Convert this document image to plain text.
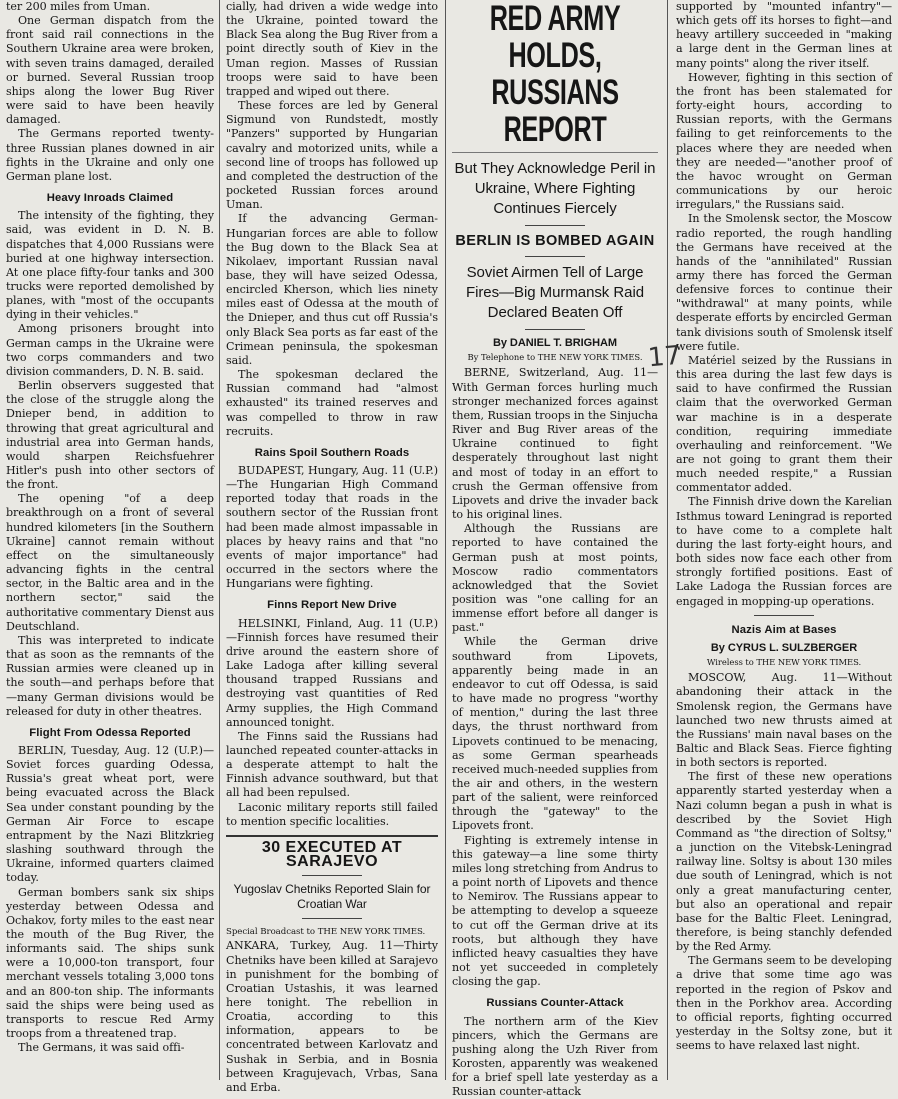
ter 200 miles from Uman.

One German dispatch from the front said rail connections in the Southern Ukraine area were broken, with seven trains damaged, derailed or burned. Several Russian troop ships along the lower Bug River were said to have been heavily damaged.

The Germans reported twenty-three Russian planes downed in air fights in the Ukraine and only one German plane lost.

Heavy Inroads Claimed

The intensity of the fighting, they said, was evident in D. N. B. dispatches that 4,000 Russians were buried at one highway intersection. At one place fifty-four tanks and 300 trucks were reported demolished by planes, with "most of the occupants dying in their vehicles."

Among prisoners brought into German camps in the Ukraine were two corps commanders and two division commanders, D. N. B. said.

Berlin observers suggested that the close of the struggle along the Dnieper bend, in addition to throwing that great agricultural and industrial area into German hands, would sharpen Reichsfuehrer Hitler's push into other sectors of the front.

The opening "of a deep breakthrough on a front of several hundred kilometers [in the Southern Ukraine] cannot remain without effect on the simultaneously advancing fights in the central sector, in the Baltic area and in the northern sector," said the authoritative commentary Dienst aus Deutschland.

This was interpreted to indicate that as soon as the remnants of the Russian armies were cleaned up in the south—and perhaps before that—many German divisions would be released for duty in other theatres.

Flight From Odessa Reported

BERLIN, Tuesday, Aug. 12 (U.P.)—Soviet forces guarding Odessa, Russia's great wheat port, were being evacuated across the Black Sea under constant pounding by the German Air Force to escape entrapment by the Nazi Blitzkrieg slashing southward through the Ukraine, informed quarters claimed today.

German bombers sank six ships yesterday between Odessa and Ochakov, forty miles to the east near the mouth of the Bug River, the informants said. The ships sunk were a 10,000-ton transport, four merchant vessels totaling 3,000 tons and an 800-ton ship. The informants said the ships were being used as transports to rescue Red Army troops from a threatened trap.

The Germans, it was said offi-

cially, had driven a wide wedge into the Ukraine, pointed toward the Black Sea along the Bug River from a point directly south of Kiev in the Uman region. Masses of Russian troops were said to have been trapped and wiped out there.

These forces are led by General Sigmund von Rundstedt, mostly "Panzers" supported by Hungarian cavalry and motorized units, while a second line of troops has followed up and completed the destruction of the pocketed Russian forces around Uman.

If the advancing German-Hungarian forces are able to follow the Bug down to the Black Sea at Nikolaev, important Russian naval base, they will have seized Odessa, encircled Kherson, which lies ninety miles east of Odessa at the mouth of the Dnieper, and thus cut off Russia's only Black Sea ports as far east of the Crimean peninsula, the spokesman said.

The spokesman declared the Russian command had "almost exhausted" its trained reserves and was compelled to throw in raw recruits.

Rains Spoil Southern Roads

BUDAPEST, Hungary, Aug. 11 (U.P.)—The Hungarian High Command reported today that roads in the southern sector of the Russian front had been made almost impassable in places by heavy rains and that "no events of major importance" had occurred in the sectors where the Hungarians were fighting.

Finns Report New Drive

HELSINKI, Finland, Aug. 11 (U.P.)—Finnish forces have resumed their drive around the eastern shore of Lake Ladoga after killing several thousand trapped Russians and destroying vast quantities of Red Army supplies, the High Command announced tonight.

The Finns said the Russians had launched repeated counter-attacks in a desperate attempt to halt the Finnish advance southward, but that all had been repulsed.

Laconic military reports still failed to mention specific localities.

30 EXECUTED AT SARAJEVO
Yugoslav Chetniks Reported Slain for Croatian War
Special Broadcast to THE NEW YORK TIMES.

ANKARA, Turkey, Aug. 11—Thirty Chetniks have been killed at Sarajevo in punishment for the bombing of Croatian Ustashis, it was learned here tonight. The rebellion in Croatia, according to this information, appears to be concentrated between Karlovatz and Sushak in Serbia, and in Bosnia between Kragujevach, Vrbas, Sana and Erba.

RED ARMY HOLDS, RUSSIANS REPORT
But They Acknowledge Peril in Ukraine, Where Fighting Continues Fiercely
BERLIN IS BOMBED AGAIN
Soviet Airmen Tell of Large Fires—Big Murmansk Raid Declared Beaten Off
By DANIEL T. BRIGHAM
By Telephone to THE NEW YORK TIMES.

BERNE, Switzerland, Aug. 11—With German forces hurling much stronger mechanized forces against them, Russian troops in the Sinjucha River and Bug River areas of the Ukraine continued to fight desperately throughout last night and most of today in an effort to crush the German offensive from Lipovets and drive the invader back to his original lines.

Although the Russians are reported to have contained the German push at most points, Moscow radio commentators acknowledged that the Soviet position was "one calling for an immense effort before all danger is past."

While the German drive southward from Lipovets, apparently being made in an endeavor to cut off Odessa, is said to have made no progress "worthy of mention," during the last three days, the thrust northward from Lipovets continued to be menacing, as some German spearheads received much-needed supplies from the air and others, in the western part of the salient, were reinforced through the "gateway" to the Lipovets front.

Fighting is extremely intense in this gateway—a line some thirty miles long stretching from Andrus to a point north of Lipovets and thence to Nemirov. The Russians appear to be attempting to develop a squeeze to cut off the German drive at its roots, but although they have inflicted heavy casualties they have not yet succeeded in completely closing the gap.

Russians Counter-Attack

The northern arm of the Kiev pincers, which the Germans are pushing along the Uzh River from Korosten, apparently was weakened for a brief spell late yesterday as a Russian counter-attack

17

supported by "mounted infantry"—which gets off its horses to fight—and heavy artillery succeeded in "making a large dent in the German lines at many points" along the river itself.

However, fighting in this section of the front has been stalemated for forty-eight hours, according to Russian reports, with the Germans failing to get reinforcements to the places where they are needed when they are needed—"another proof of the havoc wrought on German communications by our heroic irregulars," the Russians said.

In the Smolensk sector, the Moscow radio reported, the rough handling the Germans have received at the hands of the "annihilated" Russian army there has forced the German defensive forces to continue their "withdrawal" at many points, while desperate efforts by encircled German tank divisions south of Smolensk itself were futile.

Matériel seized by the Russians in this area during the last few days is said to have confirmed the Russian claim that the overworked German war machine is in a desperate condition, requiring immediate overhauling and reinforcement. "We are not going to grant them their much needed respite," a Russian commentator added.

The Finnish drive down the Karelian Isthmus toward Leningrad is reported to have come to a complete halt during the last forty-eight hours, and both sides now face each other from strongly fortified positions. East of Lake Ladoga the Russian forces are engaged in mopping-up operations.

Nazis Aim at Bases
By CYRUS L. SULZBERGER
Wireless to THE NEW YORK TIMES.

MOSCOW, Aug. 11—Without abandoning their attack in the Smolensk region, the Germans have launched two new thrusts aimed at the Russians' main naval bases on the Baltic and Black Seas. Fierce fighting in both sectors is reported.

The first of these new operations apparently started yesterday when a Nazi column began a push in what is described by the Soviet High Command as "the direction of Soltsy," a junction on the Vitebsk-Leningrad railway line. Soltsy is about 130 miles due south of Leningrad, which is not only a great manufacturing center, but also an operational and repair base for the Baltic Fleet. Leningrad, therefore, is being stanchly defended by the Red Army.

The Germans seem to be developing a drive that some time ago was reported in the region of Pskov and then in the Porkhov area. According to official reports, fighting occurred yesterday in the Soltsy zone, but it seems to have relaxed last night.
